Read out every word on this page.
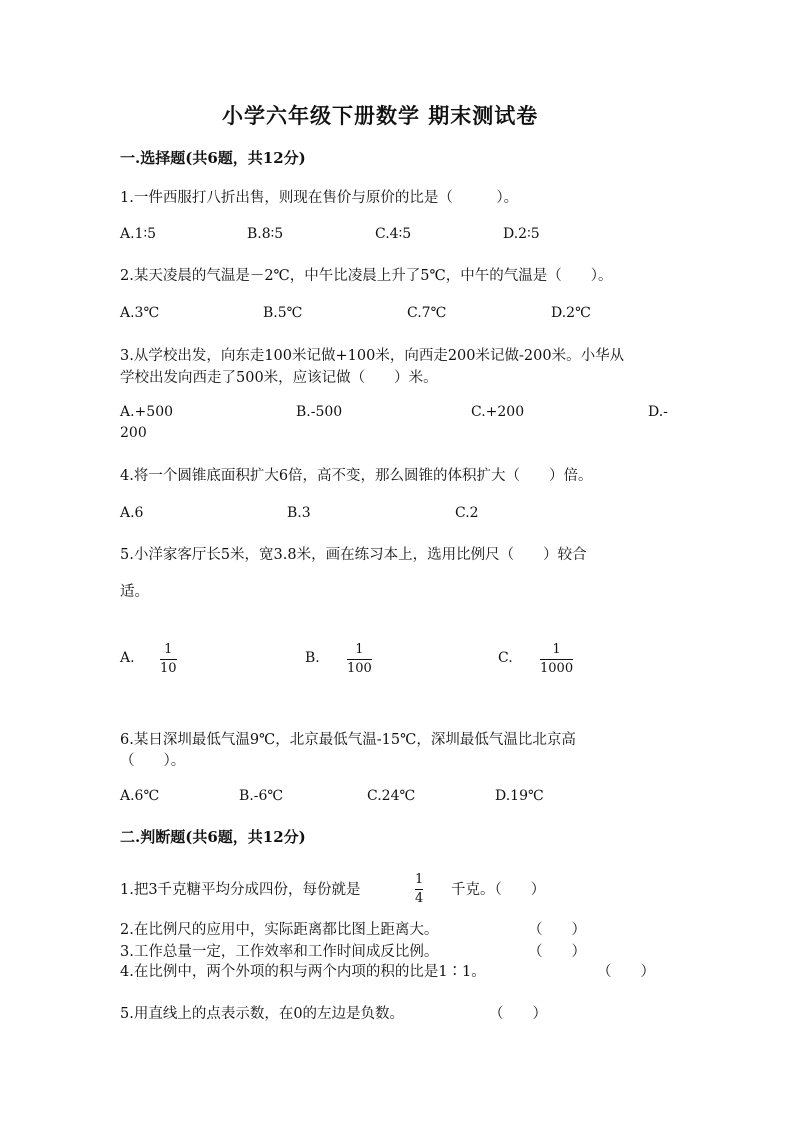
小学六年级下册数学 期末测试卷
一.选择题(共6题，共12分)
1.一件西服打八折出售，则现在售价与原价的比是（　　　）。
A.1∶5	B.8∶5	C.4∶5	D.2∶5
2.某天凌晨的气温是－2℃，中午比凌晨上升了5℃，中午的气温是（　　）。
A.3℃	B.5℃	C.7℃	D.2℃
3.从学校出发，向东走100米记做+100米，向西走200米记做-200米。小华从
学校出发向西走了500米，应该记做（　　）米。
A.+500	B.-500	C.+200	D.-
200
4.将一个圆锥底面积扩大6倍，高不变，那么圆锥的体积扩大（　　）倍。
A.6	B.3	C.2
5.小洋家客厅长5米，宽3.8米，画在练习本上，选用比例尺（　　）较合
适。
A.
1
10
B.
1
100
C.
1
1000
6.某日深圳最低气温9℃，北京最低气温-15℃，深圳最低气温比北京高
（　　）。
A.6℃	B.-6℃	C.24℃	D.19℃
二.判断题(共6题，共12分)
1.把3千克糖平均分成四份，每份就是
1
4
千克。（　　）
2.在比例尺的应用中，实际距离都比图上距离大。	（　　）
3.工作总量一定，工作效率和工作时间成反比例。	（　　）
4.在比例中，两个外项的积与两个内项的积的比是1∶1。	（　　）
5.用直线上的点表示数，在0的左边是负数。	（　　）
